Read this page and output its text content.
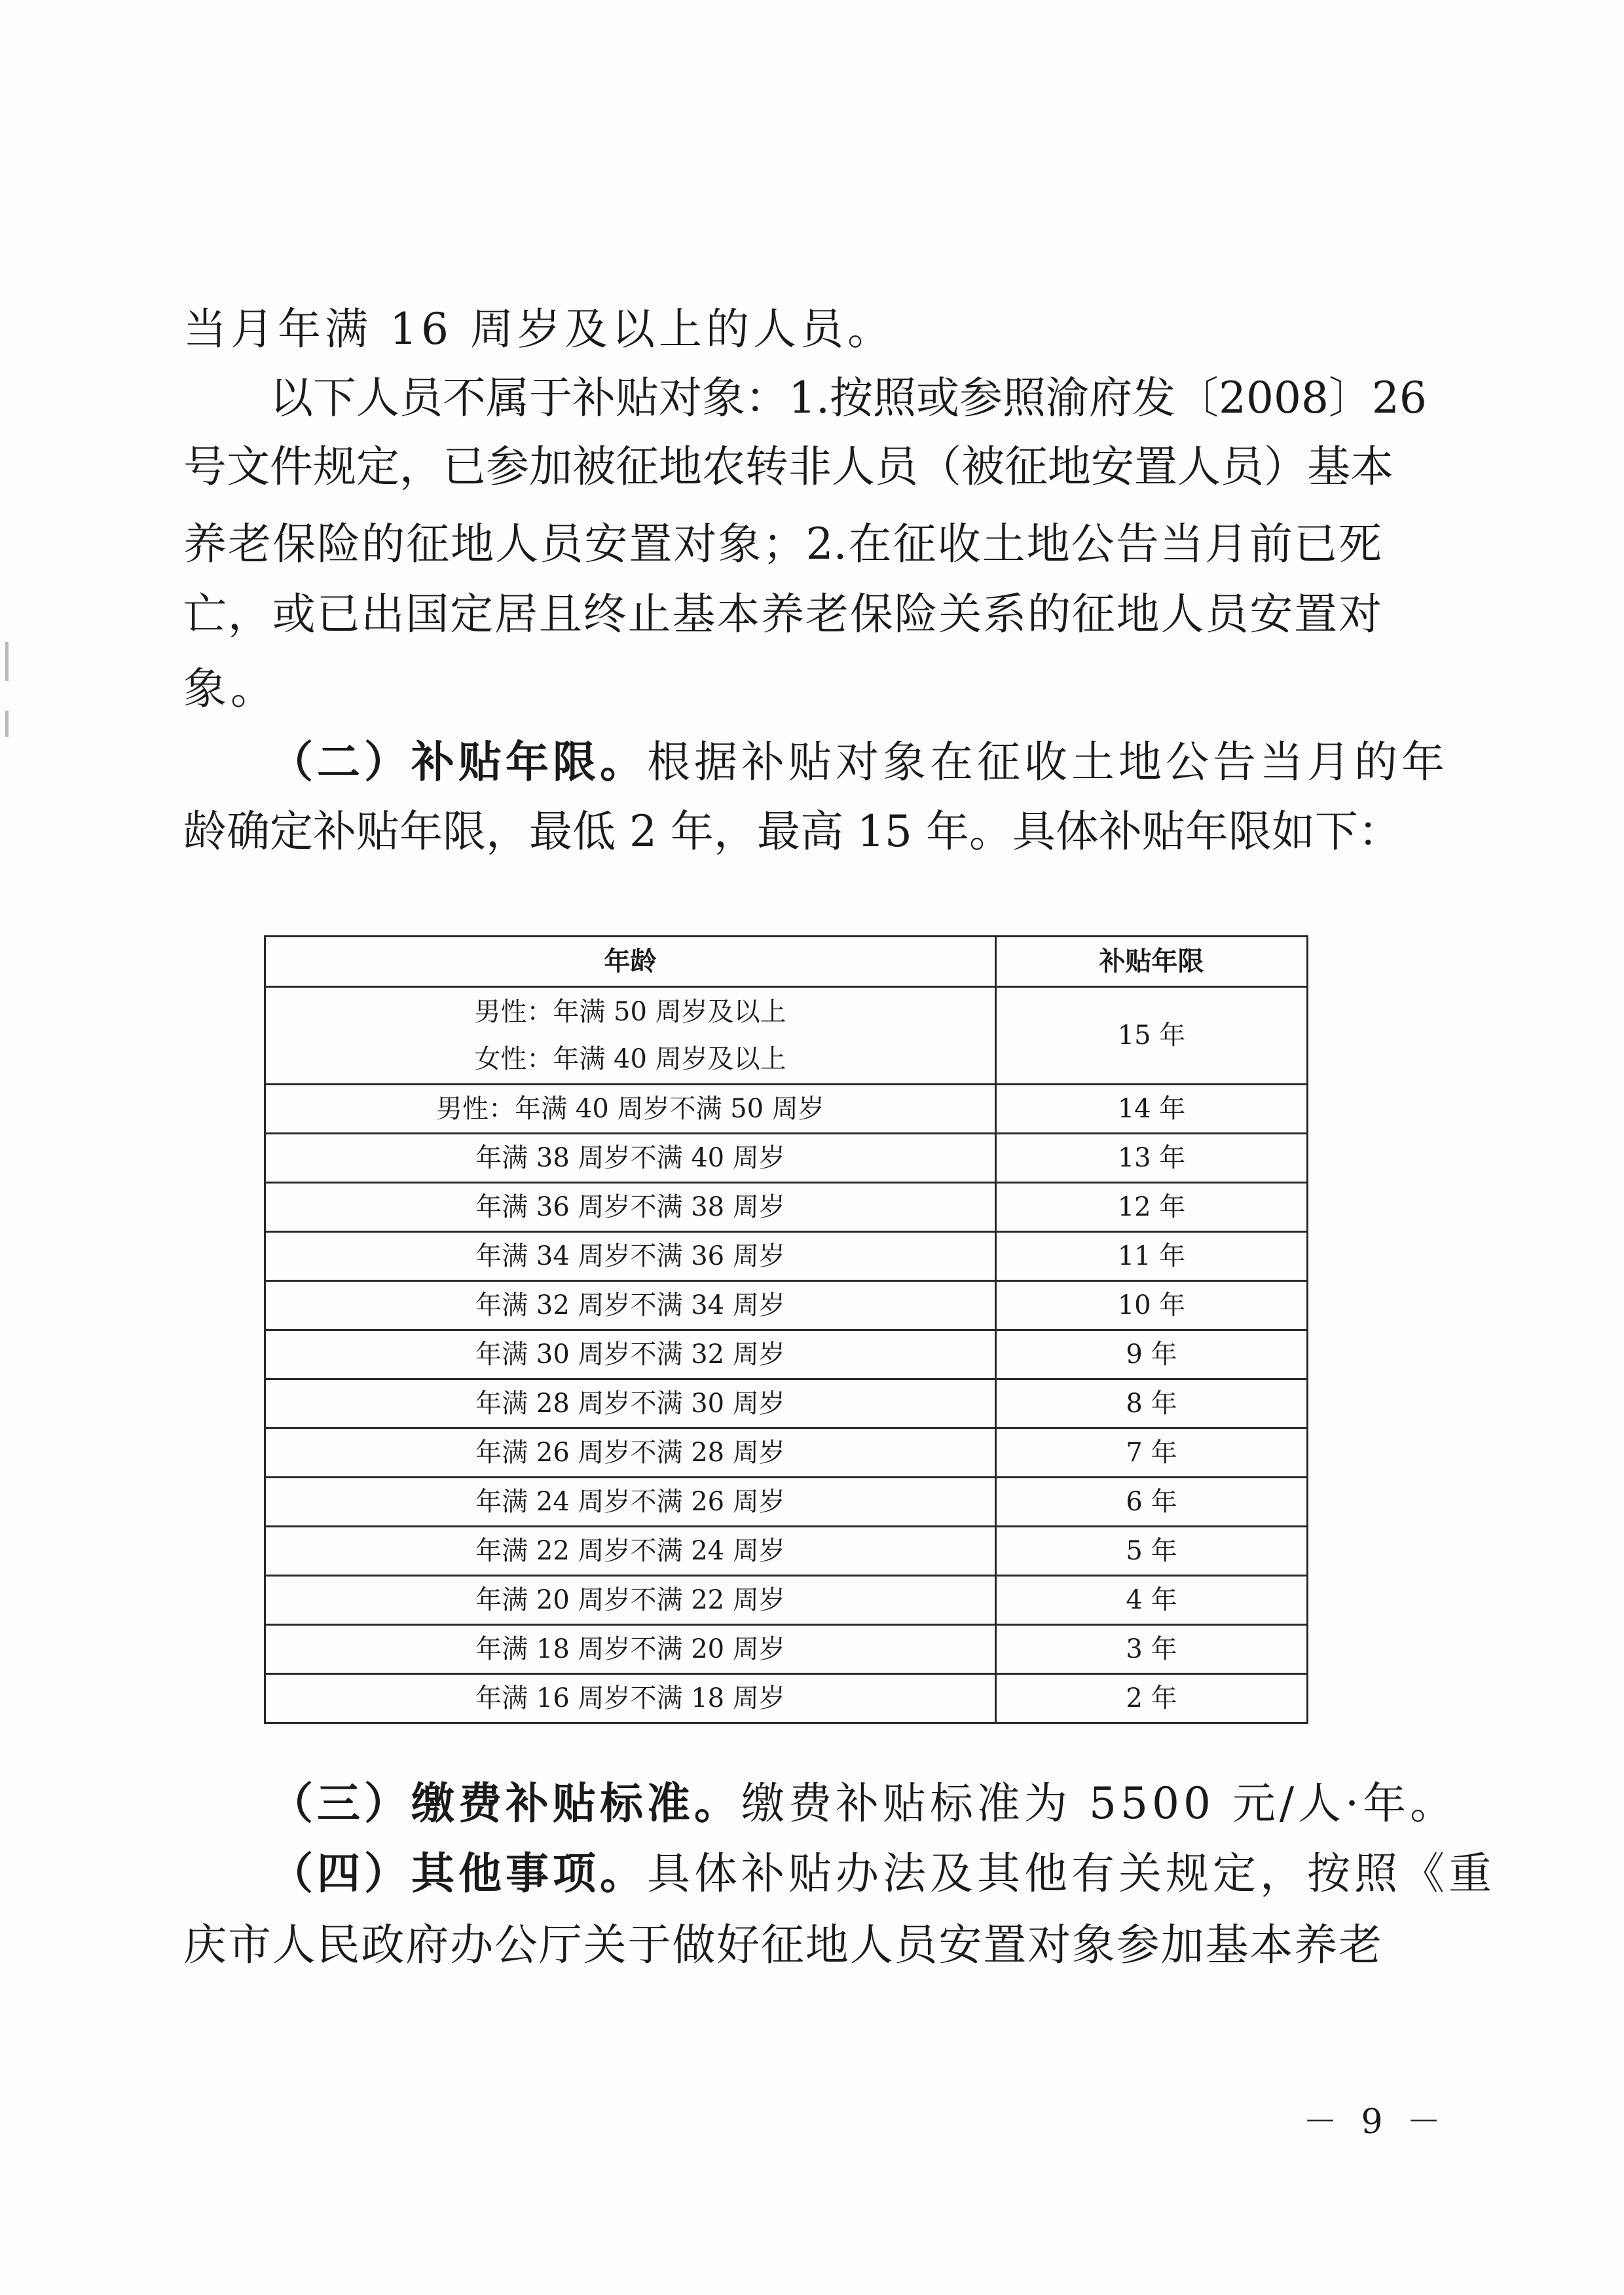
当月年满 16 周岁及以上的人员。
以下人员不属于补贴对象：1.按照或参照渝府发〔2008〕26
号文件规定，已参加被征地农转非人员（被征地安置人员）基本
养老保险的征地人员安置对象；2.在征收土地公告当月前已死
亡，或已出国定居且终止基本养老保险关系的征地人员安置对
象。
（二）补贴年限。根据补贴对象在征收土地公告当月的年
龄确定补贴年限，最低 2 年，最高 15 年。具体补贴年限如下：
年龄	补贴年限

男性：年满 50 周岁及以上
女性：年满 40 周岁及以上	15 年
男性：年满 40 周岁不满 50 周岁	14 年
年满 38 周岁不满 40 周岁	13 年
年满 36 周岁不满 38 周岁	12 年
年满 34 周岁不满 36 周岁	11 年
年满 32 周岁不满 34 周岁	10 年
年满 30 周岁不满 32 周岁	9 年
年满 28 周岁不满 30 周岁	8 年
年满 26 周岁不满 28 周岁	7 年
年满 24 周岁不满 26 周岁	6 年
年满 22 周岁不满 24 周岁	5 年
年满 20 周岁不满 22 周岁	4 年
年满 18 周岁不满 20 周岁	3 年
年满 16 周岁不满 18 周岁	2 年
（三）缴费补贴标准。缴费补贴标准为 5500 元/人·年。
（四）其他事项。具体补贴办法及其他有关规定，按照《重
庆市人民政府办公厅关于做好征地人员安置对象参加基本养老
－ 9 －
